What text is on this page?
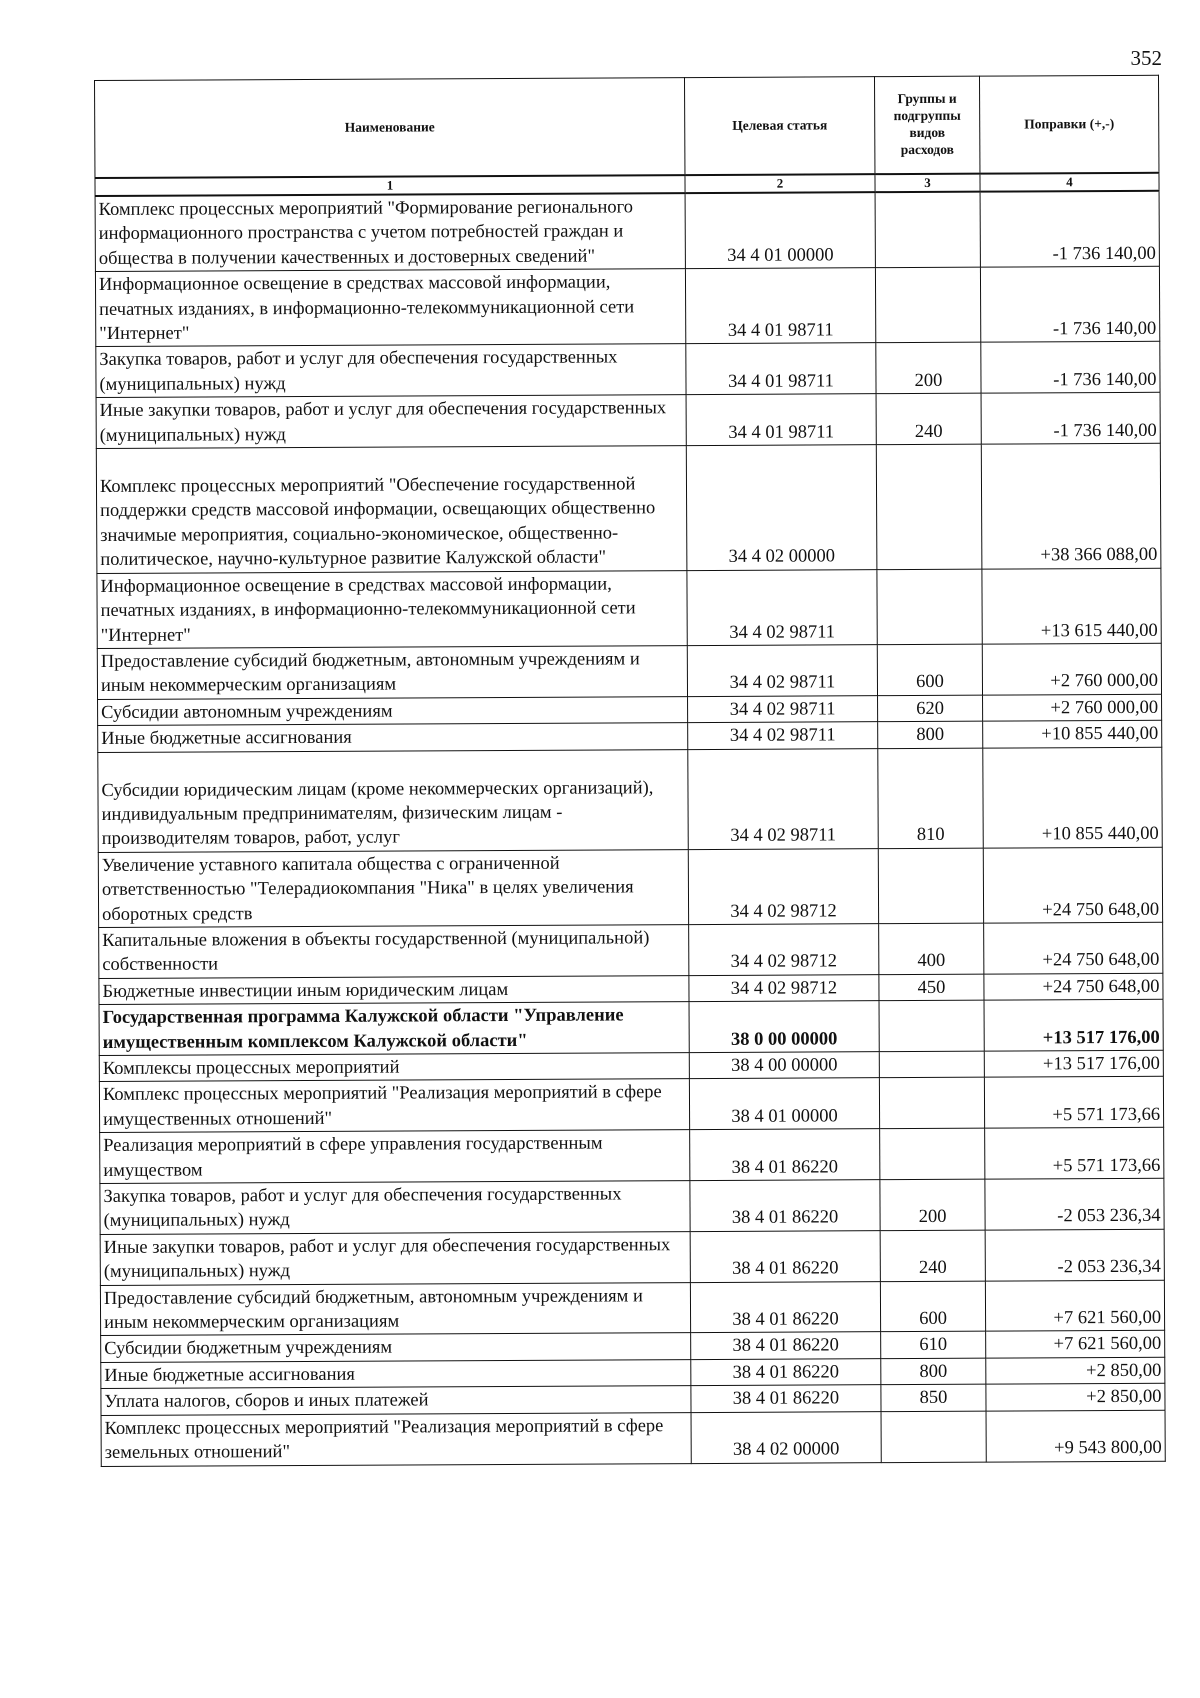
352
Наименование	Целевая статья	Группы и подгруппы видов расходов	Поправки (+,-)
1	2	3	4
Комплекс процессных мероприятий "Формирование регионального информационного пространства с учетом потребностей граждан и общества в получении качественных и достоверных сведений"	34 4 01 00000		-1 736 140,00
Информационное освещение в средствах массовой информации, печатных изданиях, в информационно-телекоммуникационной сети "Интернет"	34 4 01 98711		-1 736 140,00
Закупка товаров, работ и услуг для обеспечения государственных (муниципальных) нужд	34 4 01 98711	200	-1 736 140,00
Иные закупки товаров, работ и услуг для обеспечения государственных (муниципальных) нужд	34 4 01 98711	240	-1 736 140,00
Комплекс процессных мероприятий "Обеспечение государственной поддержки средств массовой информации, освещающих общественно значимые мероприятия, социально-экономическое, общественно-политическое, научно-культурное развитие Калужской области"	34 4 02 00000		+38 366 088,00
Информационное освещение в средствах массовой информации, печатных изданиях, в информационно-телекоммуникационной сети "Интернет"	34 4 02 98711		+13 615 440,00
Предоставление субсидий бюджетным, автономным учреждениям и иным некоммерческим организациям	34 4 02 98711	600	+2 760 000,00
Субсидии автономным учреждениям	34 4 02 98711	620	+2 760 000,00
Иные бюджетные ассигнования	34 4 02 98711	800	+10 855 440,00
Субсидии юридическим лицам (кроме некоммерческих организаций), индивидуальным предпринимателям, физическим лицам - производителям товаров, работ, услуг	34 4 02 98711	810	+10 855 440,00
Увеличение уставного капитала общества с ограниченной ответственностью "Телерадиокомпания "Ника" в целях увеличения оборотных средств	34 4 02 98712		+24 750 648,00
Капитальные вложения в объекты государственной (муниципальной) собственности	34 4 02 98712	400	+24 750 648,00
Бюджетные инвестиции иным юридическим лицам	34 4 02 98712	450	+24 750 648,00
Государственная программа Калужской области "Управление имущественным комплексом Калужской области"	38 0 00 00000		+13 517 176,00
Комплексы процессных мероприятий	38 4 00 00000		+13 517 176,00
Комплекс процессных мероприятий "Реализация мероприятий в сфере имущественных отношений"	38 4 01 00000		+5 571 173,66
Реализация мероприятий в сфере управления государственным имуществом	38 4 01 86220		+5 571 173,66
Закупка товаров, работ и услуг для обеспечения государственных (муниципальных) нужд	38 4 01 86220	200	-2 053 236,34
Иные закупки товаров, работ и услуг для обеспечения государственных (муниципальных) нужд	38 4 01 86220	240	-2 053 236,34
Предоставление субсидий бюджетным, автономным учреждениям и иным некоммерческим организациям	38 4 01 86220	600	+7 621 560,00
Субсидии бюджетным учреждениям	38 4 01 86220	610	+7 621 560,00
Иные бюджетные ассигнования	38 4 01 86220	800	+2 850,00
Уплата налогов, сборов и иных платежей	38 4 01 86220	850	+2 850,00
Комплекс процессных мероприятий "Реализация мероприятий в сфере земельных отношений"	38 4 02 00000		+9 543 800,00
